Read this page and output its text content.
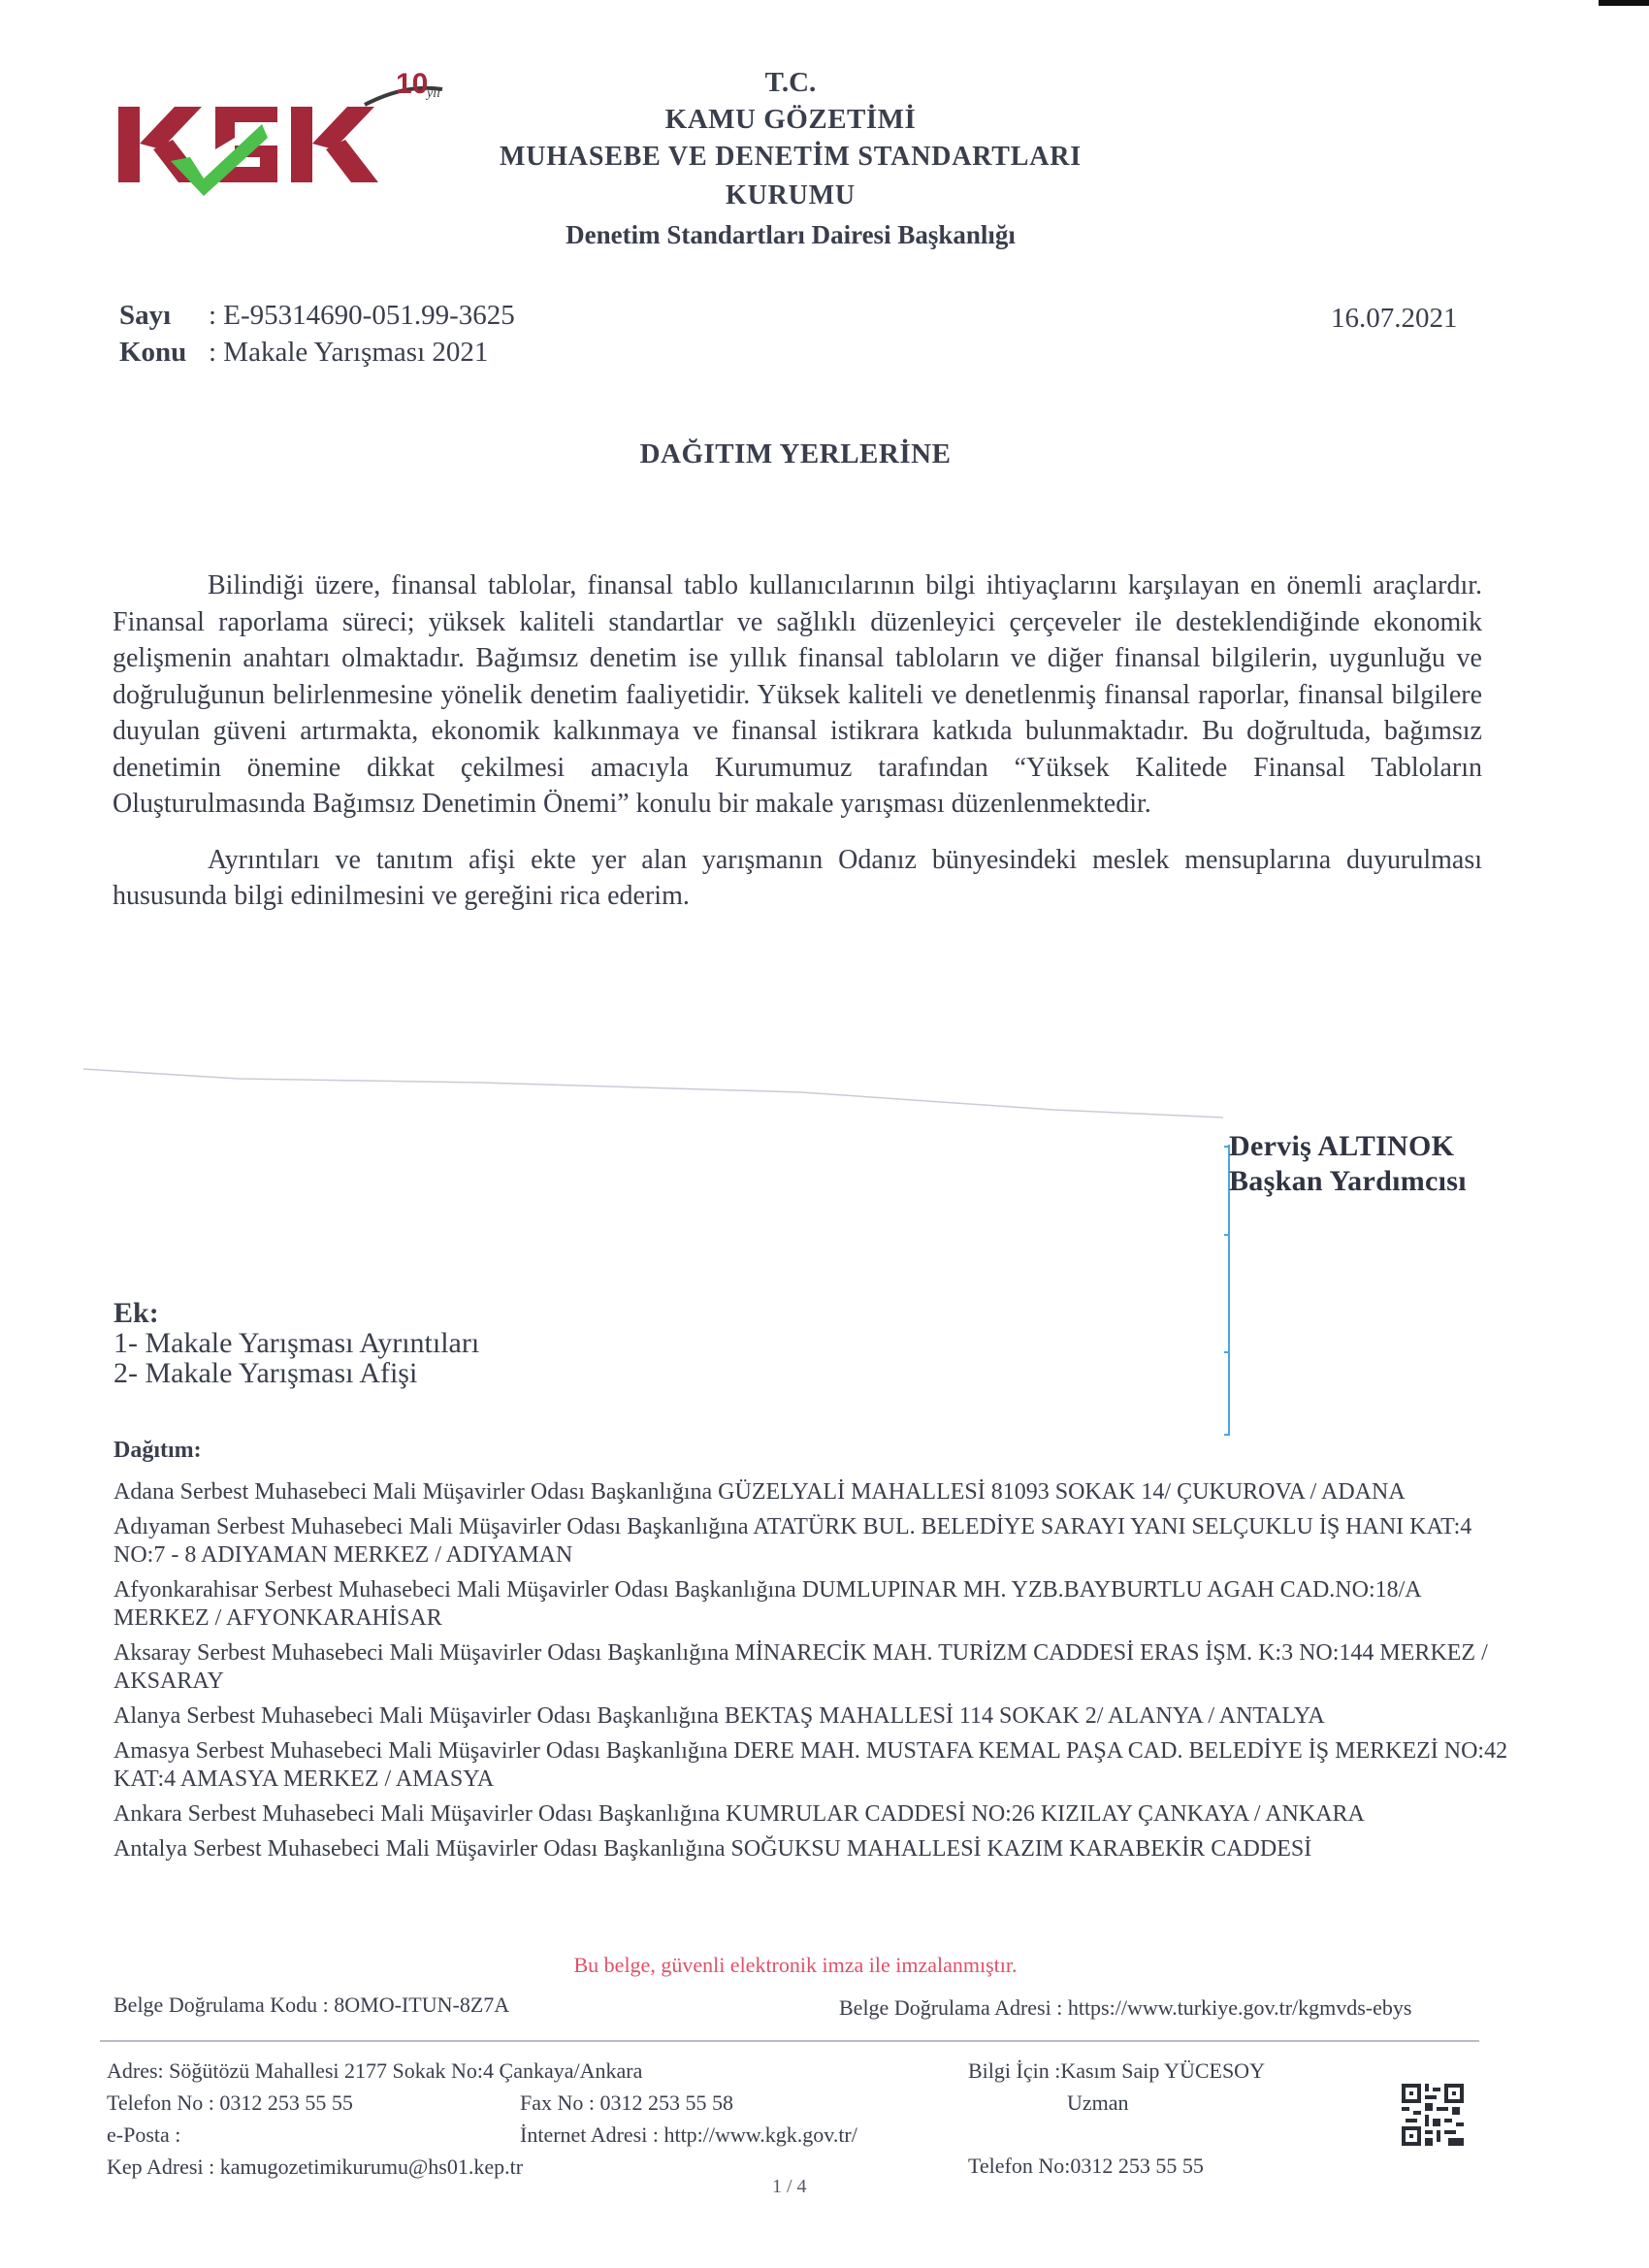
10
yıl	T.C.
KAMU GÖZETİMİ
MUHASEBE VE DENETİM STANDARTLARI KURUMU
Denetim Standartları Dairesi Başkanlığı
Sayı	: E-95314690-051.99-3625
Konu : Makale Yarışması 2021
16.07.2021
DAĞITIM YERLERİNE

Bilindiği üzere, finansal tablolar, finansal tablo kullanıcılarının bilgi ihtiyaçlarını karşılayan en önemli araçlardır. Finansal raporlama süreci; yüksek kaliteli standartlar ve sağlıklı düzenleyici çerçeveler ile desteklendiğinde ekonomik gelişmenin anahtarı olmaktadır. Bağımsız denetim ise yıllık finansal tabloların ve diğer finansal bilgilerin, uygunluğu ve doğruluğunun belirlenmesine yönelik denetim faaliyetidir. Yüksek kaliteli ve denetlenmiş finansal raporlar, finansal bilgilere duyulan güveni artırmakta, ekonomik kalkınmaya ve finansal istikrara katkıda bulunmaktadır. Bu doğrultuda, bağımsız denetimin önemine dikkat çekilmesi amacıyla Kurumumuz tarafından “Yüksek Kalitede Finansal Tabloların Oluşturulmasında Bağımsız Denetimin Önemi” konulu bir makale yarışması düzenlenmektedir.

Ayrıntıları ve tanıtım afişi ekte yer alan yarışmanın Odanız bünyesindeki meslek mensuplarına duyurulması hususunda bilgi edinilmesini ve gereğini rica ederim.

Derviş ALTINOK
Başkan Yardımcısı
Ek:
1- Makale Yarışması Ayrıntıları
2- Makale Yarışması Afişi
Dağıtım:
Adana Serbest Muhasebeci Mali Müşavirler Odası Başkanlığına GÜZELYALİ MAHALLESİ 81093 SOKAK 14/ ÇUKUROVA / ADANA
Adıyaman Serbest Muhasebeci Mali Müşavirler Odası Başkanlığına ATATÜRK BUL. BELEDİYE SARAYI YANI SELÇUKLU İŞ HANI KAT:4 NO:7 - 8 ADIYAMAN MERKEZ / ADIYAMAN
Afyonkarahisar Serbest Muhasebeci Mali Müşavirler Odası Başkanlığına DUMLUPINAR MH. YZB.BAYBURTLU AGAH CAD.NO:18/A MERKEZ / AFYONKARAHİSAR
Aksaray Serbest Muhasebeci Mali Müşavirler Odası Başkanlığına MİNARECİK MAH. TURİZM CADDESİ ERAS İŞM. K:3 NO:144 MERKEZ / AKSARAY
Alanya Serbest Muhasebeci Mali Müşavirler Odası Başkanlığına BEKTAŞ MAHALLESİ 114 SOKAK 2/ ALANYA / ANTALYA
Amasya Serbest Muhasebeci Mali Müşavirler Odası Başkanlığına DERE MAH. MUSTAFA KEMAL PAŞA CAD. BELEDİYE İŞ MERKEZİ NO:42 KAT:4 AMASYA MERKEZ / AMASYA
Ankara Serbest Muhasebeci Mali Müşavirler Odası Başkanlığına KUMRULAR CADDESİ NO:26 KIZILAY ÇANKAYA / ANKARA
Antalya Serbest Muhasebeci Mali Müşavirler Odası Başkanlığına SOĞUKSU MAHALLESİ KAZIM KARABEKİR CADDESİ
Bu belge, güvenli elektronik imza ile imzalanmıştır.
Belge Doğrulama Kodu : 8OMO-ITUN-8Z7A	Belge Doğrulama Adresi : https://www.turkiye.gov.tr/kgmvds-ebys
Adres: Söğütözü Mahallesi 2177 Sokak No:4 Çankaya/Ankara
Telefon No : 0312 253 55 55	Fax No : 0312 253 55 58
e-Posta :	İnternet Adresi : http://www.kgk.gov.tr/
Kep Adresi : kamugozetimikurumu@hs01.kep.tr
Bilgi İçin :Kasım Saip YÜCESOY
Uzman
Telefon No:0312 253 55 55
1 / 4
